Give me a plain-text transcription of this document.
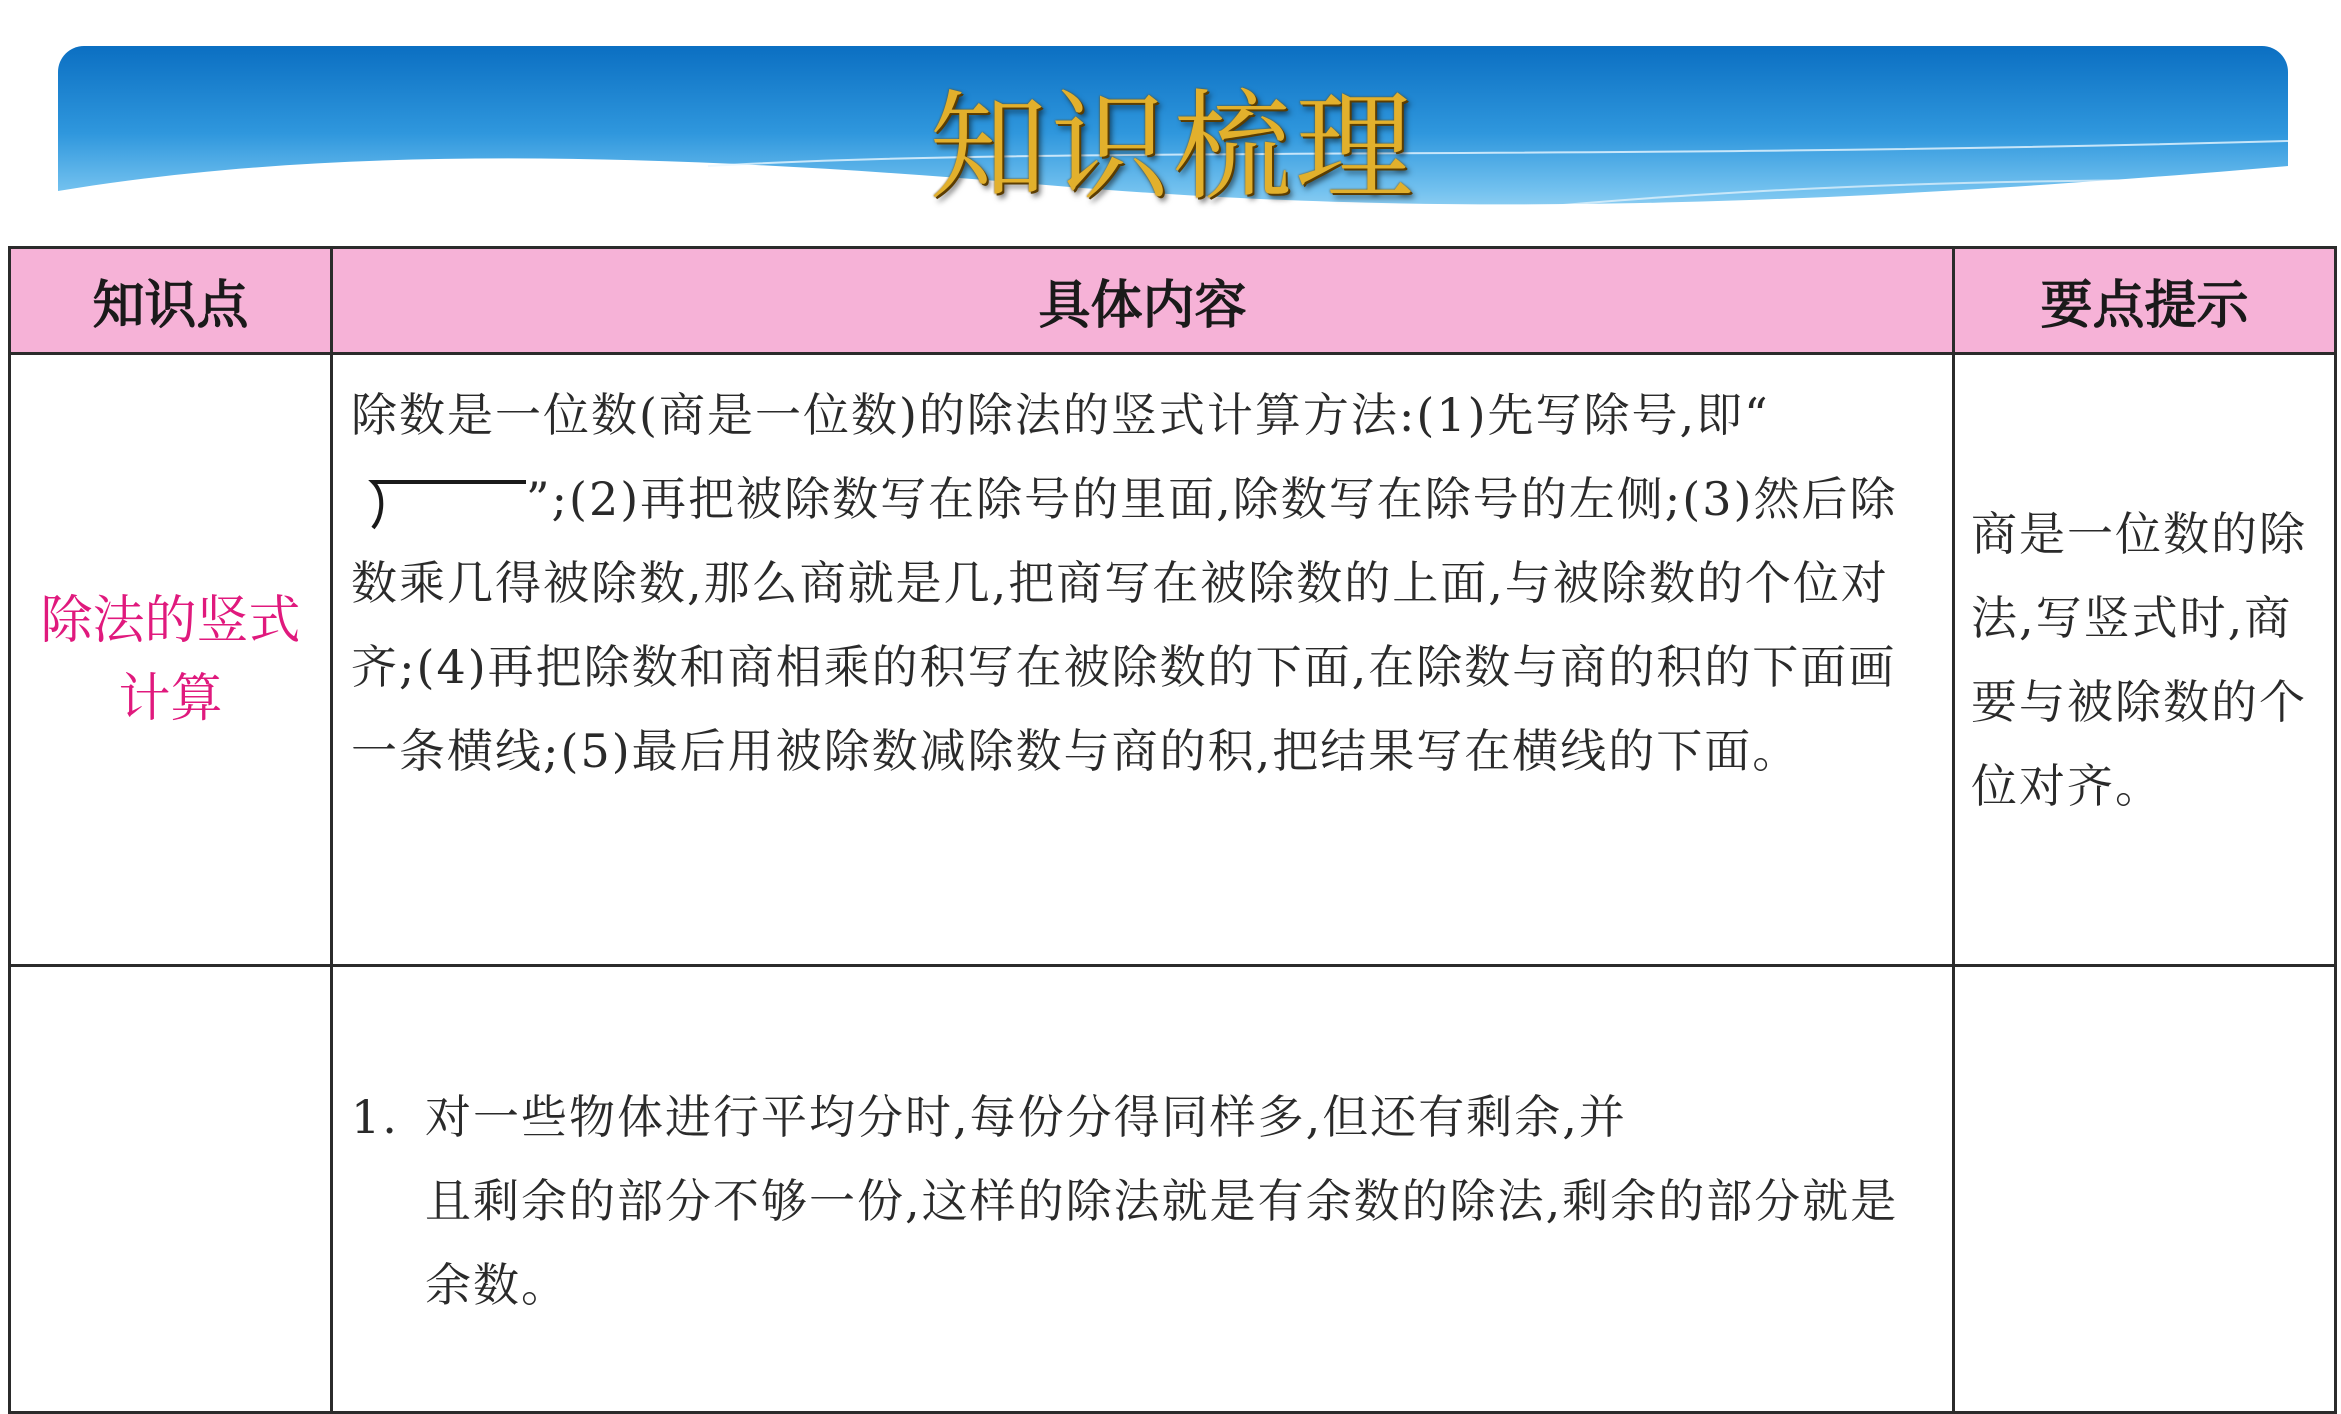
知识梳理
知识点	具体内容	要点提示

除法的竖式
计算	除数是一位数(商是一位数)的除法的竖式计算方法:(1)先写除号,即“”;(2)再把被除数写在除号的里面,除数写在除号的左侧;(3)然后除数乘几得被除数,那么商就是几,把商写在被除数的上面,与被除数的个位对齐;(4)再把除数和商相乘的积写在被除数的下面,在除数与商的积的下面画一条横线;(5)最后用被除数减除数与商的积,把结果写在横线的下面。	商是一位数的除法,写竖式时,商要与被除数的个位对齐。

	1. 对一些物体进行平均分时,每份分得同样多,但还有剩余,并
且剩余的部分不够一份,这样的除法就是有余数的除法,剩余的部分就是余数。	
